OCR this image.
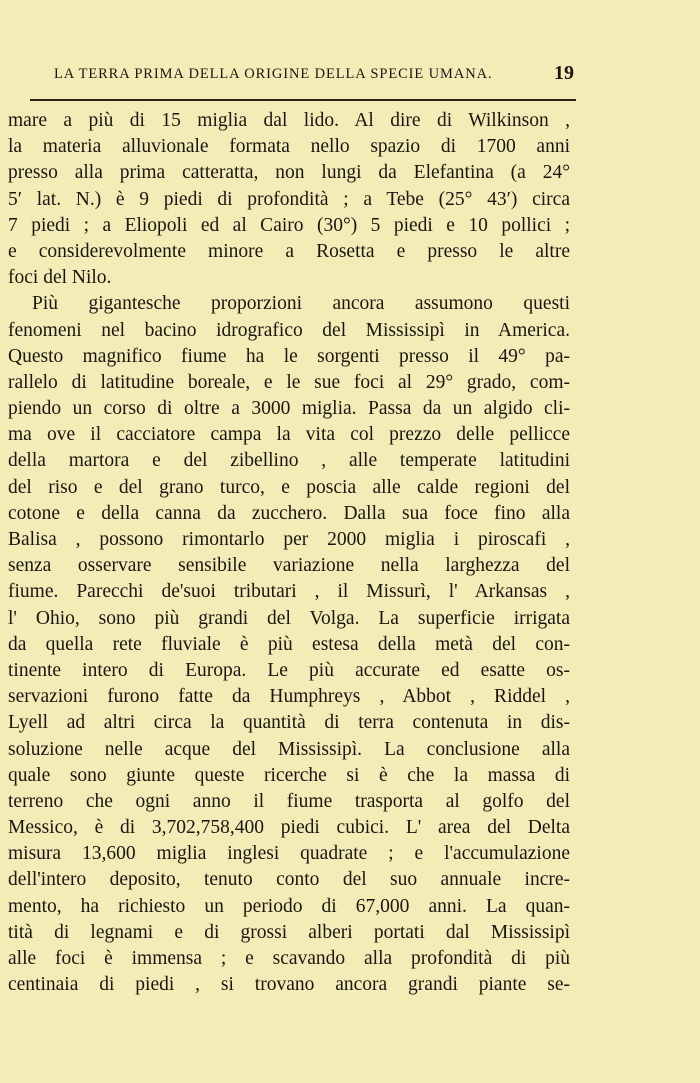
LA TERRA PRIMA DELLA ORIGINE DELLA SPECIE UMANA.	19
mare a più di 15 miglia dal lido. Al dire di Wilkinson ,
la materia alluvionale formata nello spazio di 1700 anni
presso alla prima catteratta, non lungi da Elefantina (a 24°
5′ lat. N.) è 9 piedi di profondità ; a Tebe (25° 43′) circa
7 piedi ; a Eliopoli ed al Cairo (30°) 5 piedi e 10 pollici ;
e considerevolmente minore a Rosetta e presso le altre
foci del Nilo.
Più gigantesche proporzioni ancora assumono questi
fenomeni nel bacino idrografico del Mississipì in America.
Questo magnifico fiume ha le sorgenti presso il 49° pa-
rallelo di latitudine boreale, e le sue foci al 29° grado, com-
piendo un corso di oltre a 3000 miglia. Passa da un algido cli-
ma ove il cacciatore campa la vita col prezzo delle pellicce
della martora e del zibellino , alle temperate latitudini
del riso e del grano turco, e poscia alle calde regioni del
cotone e della canna da zucchero. Dalla sua foce fino alla
Balisa , possono rimontarlo per 2000 miglia i piroscafi ,
senza osservare sensibile variazione nella larghezza del
fiume. Parecchi de'suoi tributari , il Missurì, l' Arkansas ,
l' Ohio, sono più grandi del Volga. La superficie irrigata
da quella rete fluviale è più estesa della metà del con-
tinente intero di Europa. Le più accurate ed esatte os-
servazioni furono fatte da Humphreys , Abbot , Riddel ,
Lyell ad altri circa la quantità di terra contenuta in dis-
soluzione nelle acque del Mississipì. La conclusione alla
quale sono giunte queste ricerche si è che la massa di
terreno che ogni anno il fiume trasporta al golfo del
Messico, è di 3,702,758,400 piedi cubici. L' area del Delta
misura 13,600 miglia inglesi quadrate ; e l'accumulazione
dell'intero deposito, tenuto conto del suo annuale incre-
mento, ha richiesto un periodo di 67,000 anni. La quan-
tità di legnami e di grossi alberi portati dal Mississipì
alle foci è immensa ; e scavando alla profondità di più
centinaia di piedi , si trovano ancora grandi piante se-
